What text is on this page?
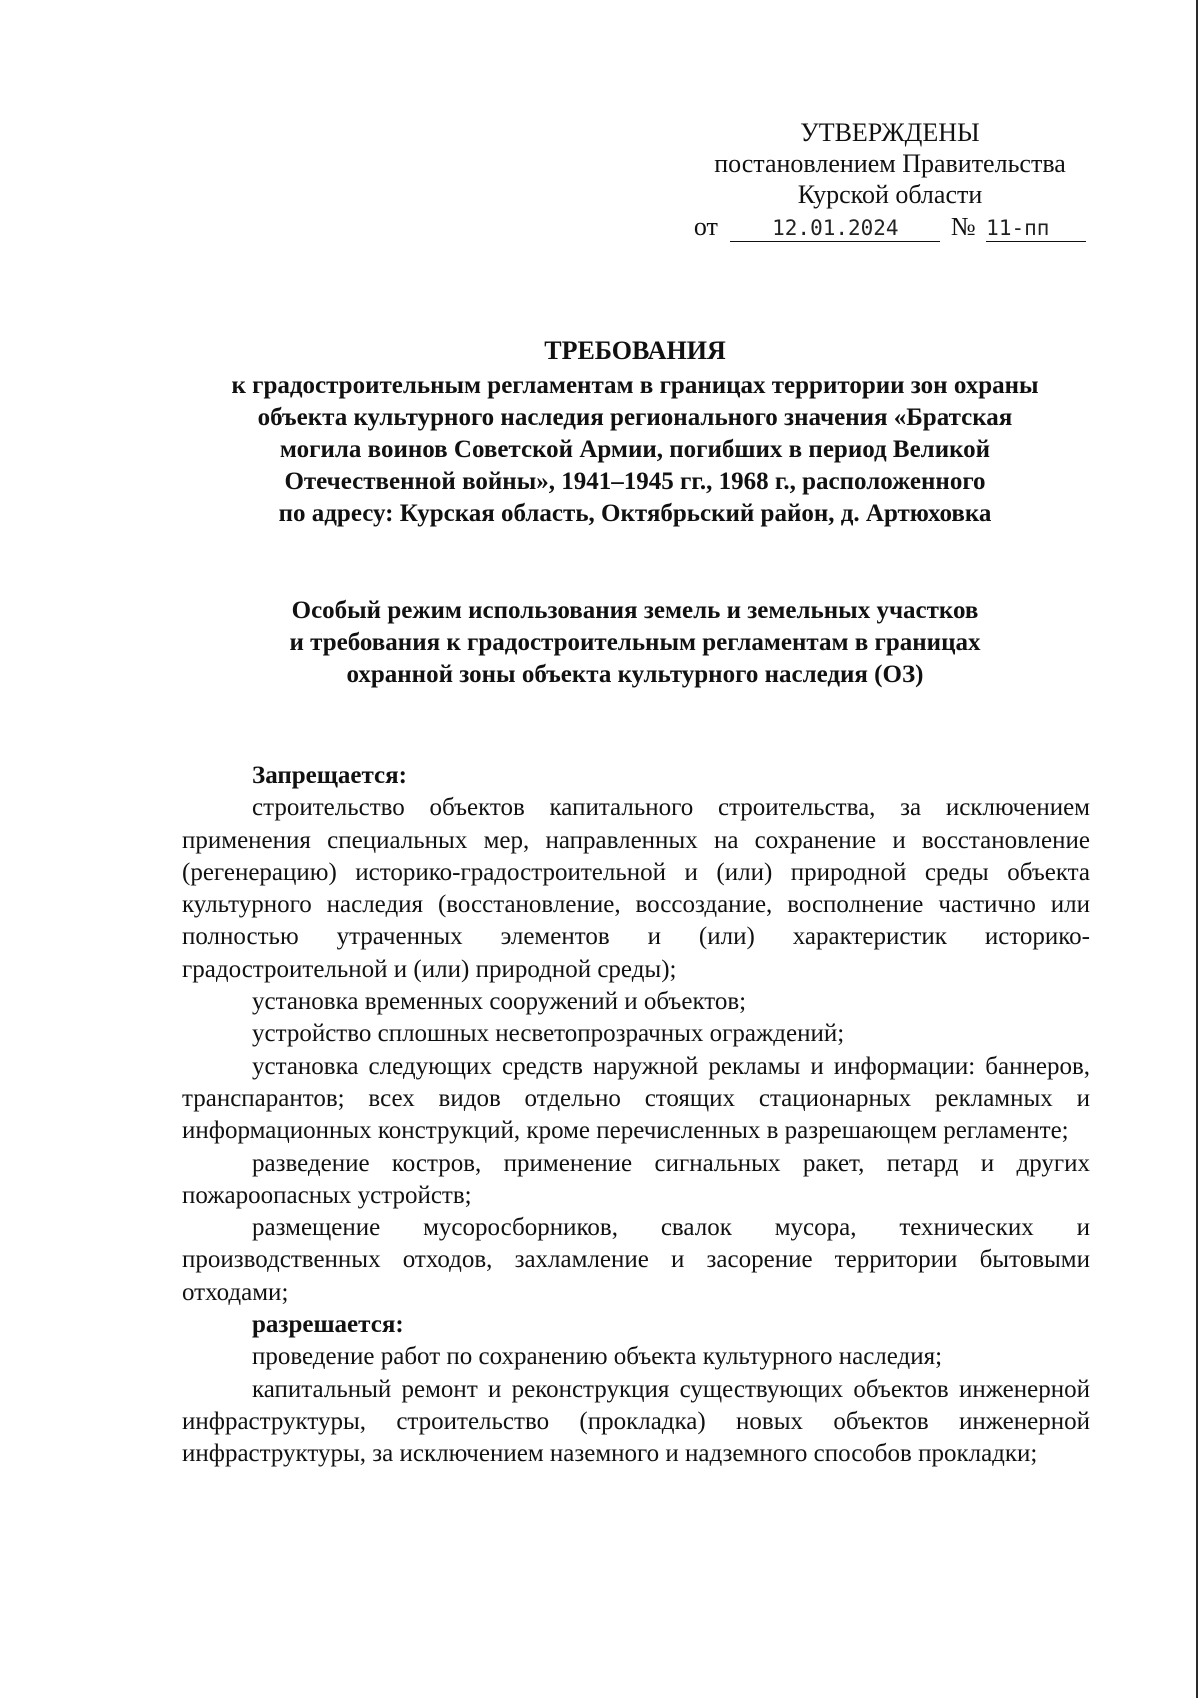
УТВЕРЖДЕНЫ
постановлением Правительства
Курской области
от	12.01.2024 № 11-пп
ТРЕБОВАНИЯ
к градостроительным регламентам в границах территории зон охраны
объекта культурного наследия регионального значения «Братская
могила воинов Советской Армии, погибших в период Великой
Отечественной войны», 1941–1945 гг., 1968 г., расположенного
по адресу: Курская область, Октябрьский район, д. Артюховка
Особый режим использования земель и земельных участков
и требования к градостроительным регламентам в границах
охранной зоны объекта культурного наследия (ОЗ)

Запрещается:

строительство объектов капитального строительства, за исключением применения специальных мер, направленных на сохранение и восстановление (регенерацию) историко-градостроительной и (или) природной среды объекта культурного наследия (восстановление, воссоздание, восполнение частично или полностью утраченных элементов и (или) характеристик историко-градостроительной и (или) природной среды);

установка временных сооружений и объектов;

устройство сплошных несветопрозрачных ограждений;

установка следующих средств наружной рекламы и информации: баннеров, транспарантов; всех видов отдельно стоящих стационарных рекламных и информационных конструкций, кроме перечисленных в разрешающем регламенте;

разведение костров, применение сигнальных ракет, петард и других пожароопасных устройств;

размещение мусоросборников, свалок мусора, технических и производственных отходов, захламление и засорение территории бытовыми отходами;

разрешается:

проведение работ по сохранению объекта культурного наследия;

капитальный ремонт и реконструкция существующих объектов инженерной инфраструктуры, строительство (прокладка) новых объектов инженерной инфраструктуры, за исключением наземного и надземного способов прокладки;
